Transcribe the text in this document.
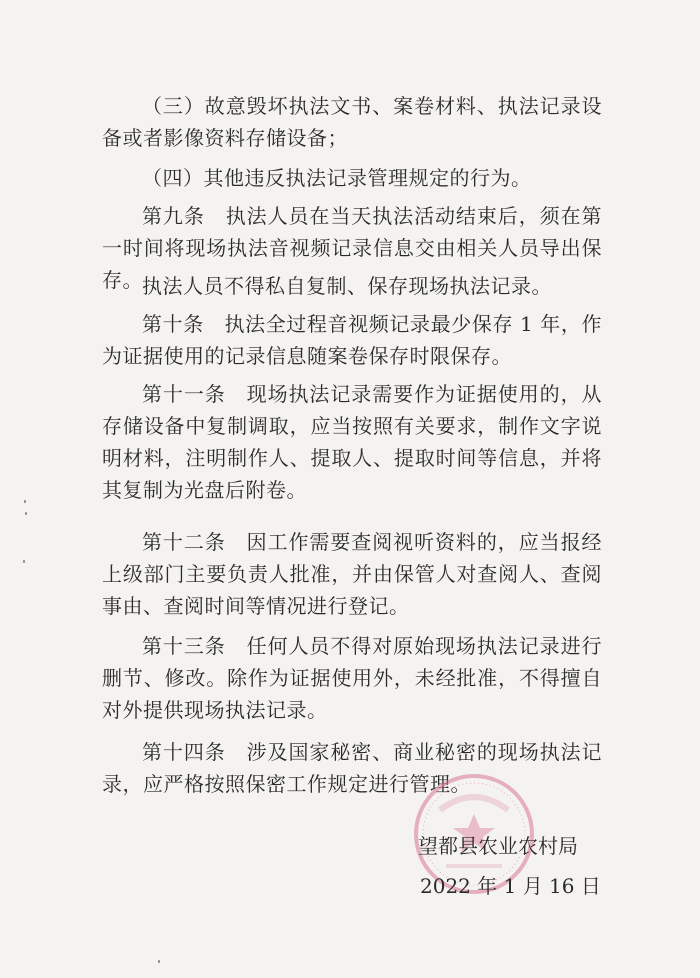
（三）故意毁坏执法文书、案卷材料、执法记录设备或者影像资料存储设备；

（四）其他违反执法记录管理规定的行为。

第九条　执法人员在当天执法活动结束后，须在第一时间将现场执法音视频记录信息交由相关人员导出保存。 执法人员不得私自复制、保存现场执法记录。

第十条　执法全过程音视频记录最少保存 1 年，作为证据使用的记录信息随案卷保存时限保存。

第十一条　现场执法记录需要作为证据使用的，从存储设备中复制调取，应当按照有关要求，制作文字说明材料，注明制作人、提取人、提取时间等信息，并将其复制为光盘后附卷。

第十二条　因工作需要查阅视听资料的，应当报经上级部门主要负责人批准，并由保管人对查阅人、查阅事由、查阅时间等情况进行登记。

第十三条　任何人员不得对原始现场执法记录进行删节、修改。除作为证据使用外，未经批准，不得擅自对外提供现场执法记录。

第十四条　涉及国家秘密、商业秘密的现场执法记录，应严格按照保密工作规定进行管理。

望都县农业农村局
2022 年 1 月 16 日
